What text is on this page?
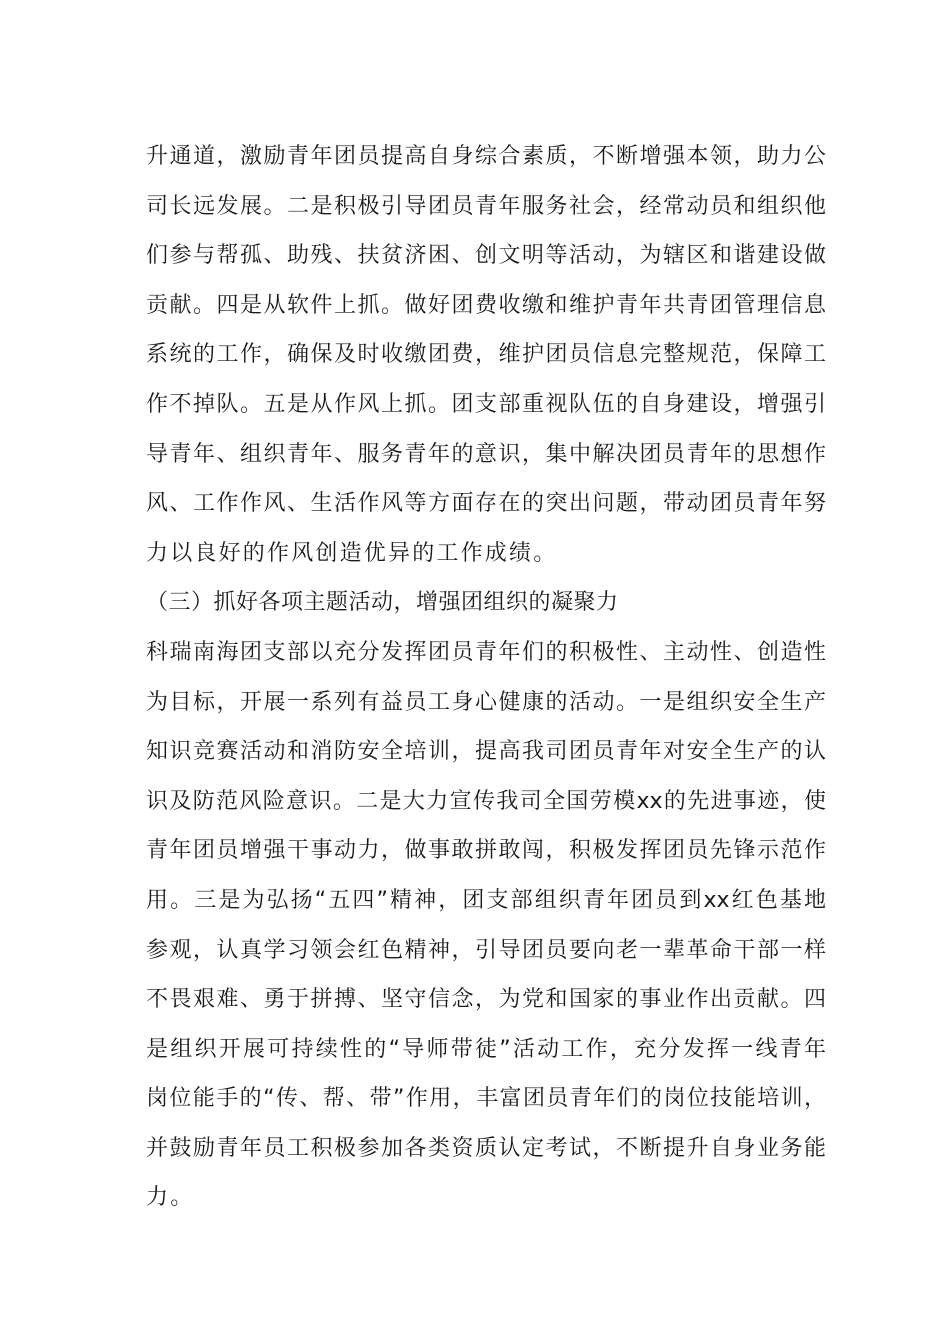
升通道，激励青年团员提高自身综合素质，不断增强本领，助力公
司长远发展。二是积极引导团员青年服务社会，经常动员和组织他
们参与帮孤、助残、扶贫济困、创文明等活动，为辖区和谐建设做
贡献。四是从软件上抓。做好团费收缴和维护青年共青团管理信息
系统的工作，确保及时收缴团费，维护团员信息完整规范，保障工
作不掉队。五是从作风上抓。团支部重视队伍的自身建设，增强引
导青年、组织青年、服务青年的意识，集中解决团员青年的思想作
风、工作作风、生活作风等方面存在的突出问题，带动团员青年努
力以良好的作风创造优异的工作成绩。
（三）抓好各项主题活动，增强团组织的凝聚力
科瑞南海团支部以充分发挥团员青年们的积极性、主动性、创造性
为目标，开展一系列有益员工身心健康的活动。一是组织安全生产
知识竞赛活动和消防安全培训，提高我司团员青年对安全生产的认
识及防范风险意识。二是大力宣传我司全国劳模xx的先进事迹，使
青年团员增强干事动力，做事敢拼敢闯，积极发挥团员先锋示范作
用。三是为弘扬“五四”精神，团支部组织青年团员到xx红色基地
参观，认真学习领会红色精神，引导团员要向老一辈革命干部一样
不畏艰难、勇于拼搏、坚守信念，为党和国家的事业作出贡献。四
是组织开展可持续性的“导师带徒”活动工作，充分发挥一线青年
岗位能手的“传、帮、带”作用，丰富团员青年们的岗位技能培训，
并鼓励青年员工积极参加各类资质认定考试，不断提升自身业务能
力。
